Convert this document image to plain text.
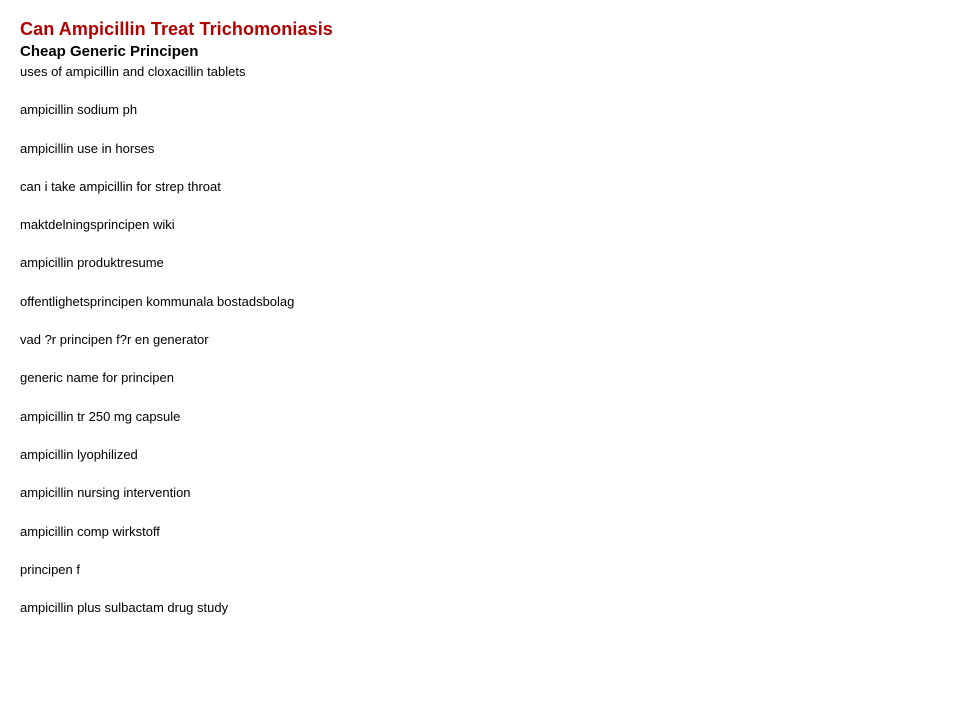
Can Ampicillin Treat Trichomoniasis
Cheap Generic Principen
uses of ampicillin and cloxacillin tablets
ampicillin sodium ph
ampicillin use in horses
can i take ampicillin for strep throat
maktdelningsprincipen wiki
ampicillin produktresume
offentlighetsprincipen kommunala bostadsbolag
vad ?r principen f?r en generator
generic name for principen
ampicillin tr 250 mg capsule
ampicillin lyophilized
ampicillin nursing intervention
ampicillin comp wirkstoff
principen f
ampicillin plus sulbactam drug study
